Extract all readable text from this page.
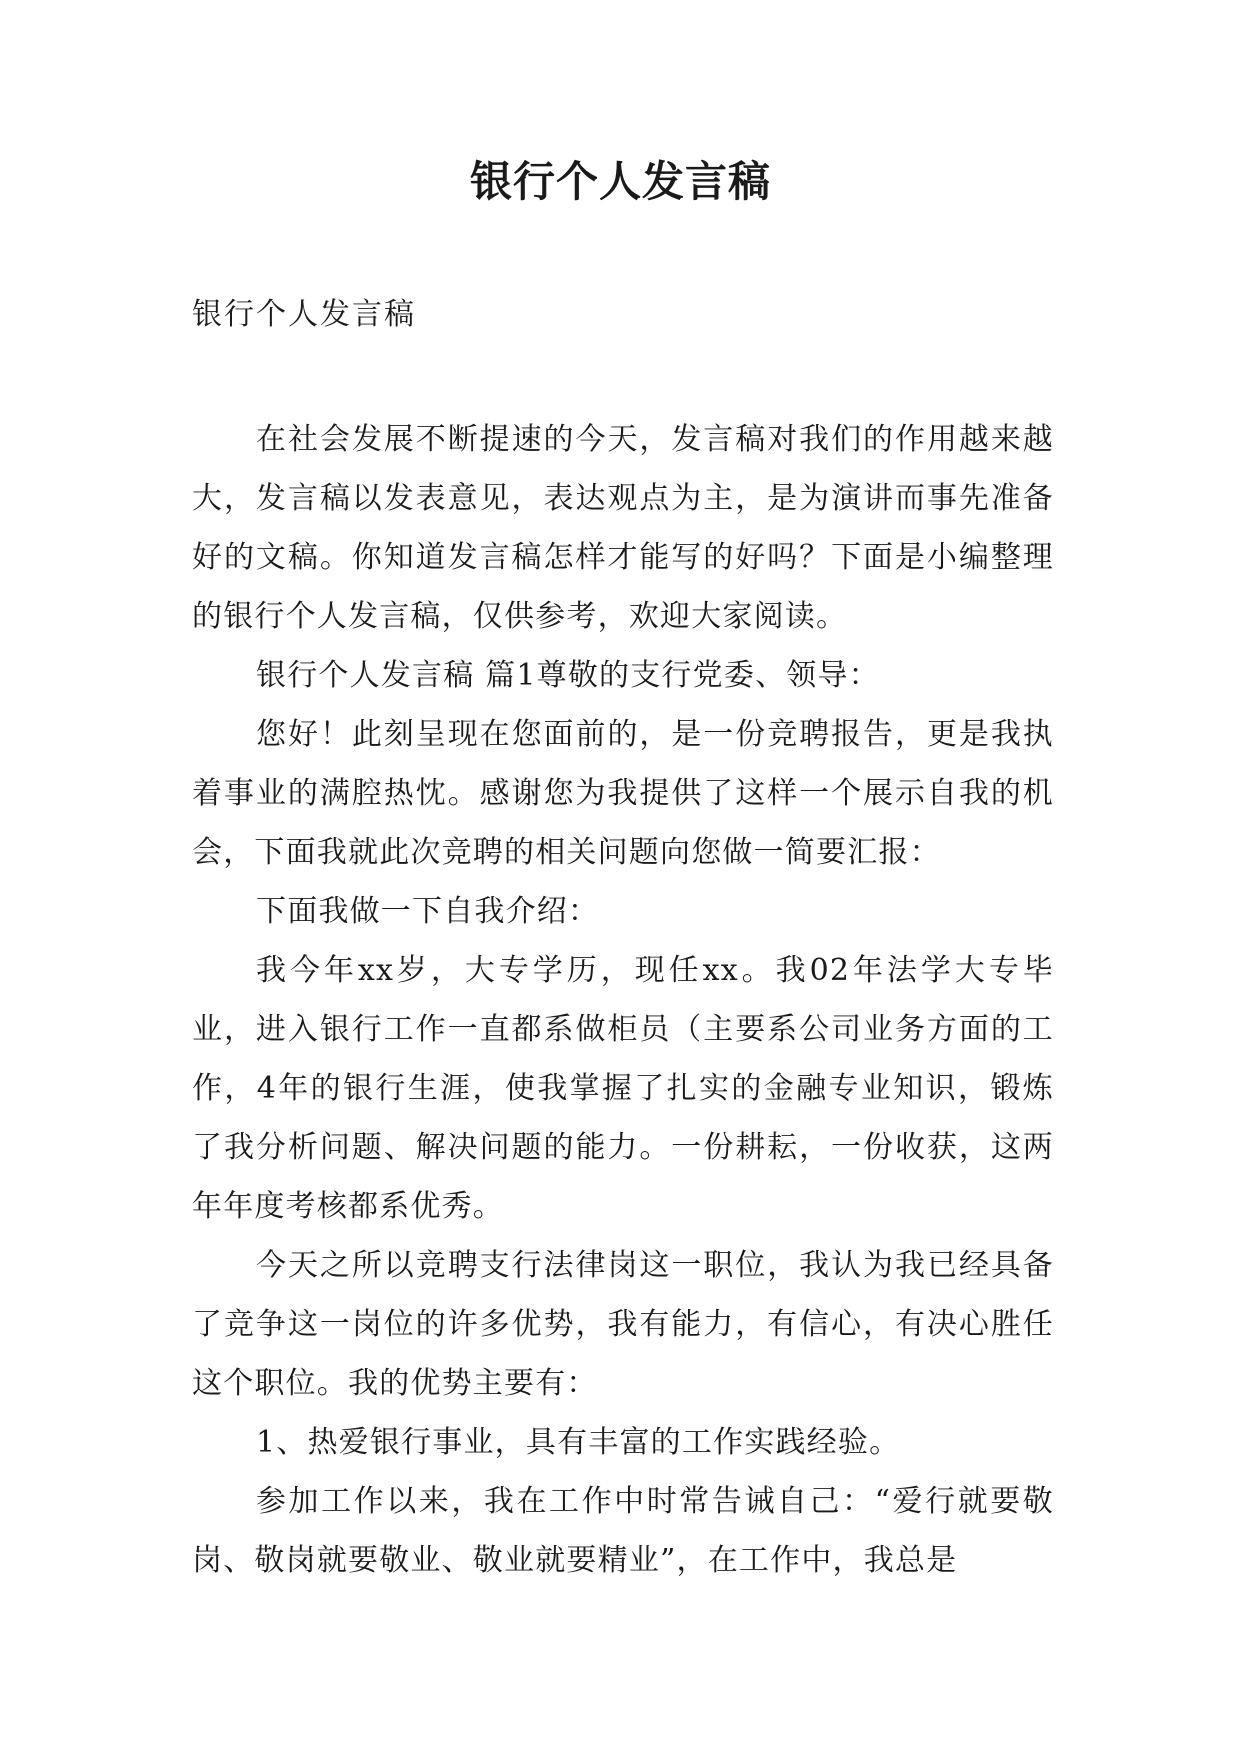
银行个人发言稿

银行个人发言稿

在社会发展不断提速的今天，发言稿对我们的作用越来越大，发言稿以发表意见，表达观点为主，是为演讲而事先准备好的文稿。你知道发言稿怎样才能写的好吗？下面是小编整理的银行个人发言稿，仅供参考，欢迎大家阅读。

银行个人发言稿 篇1尊敬的支行党委、领导：

您好！此刻呈现在您面前的，是一份竞聘报告，更是我执着事业的满腔热忱。感谢您为我提供了这样一个展示自我的机会，下面我就此次竞聘的相关问题向您做一简要汇报：

下面我做一下自我介绍：

我今年xx岁，大专学历，现任xx。我02年法学大专毕业，进入银行工作一直都系做柜员（主要系公司业务方面的工作，4年的银行生涯，使我掌握了扎实的金融专业知识，锻炼了我分析问题、解决问题的能力。一份耕耘，一份收获，这两年年度考核都系优秀。

今天之所以竞聘支行法律岗这一职位，我认为我已经具备了竞争这一岗位的许多优势，我有能力，有信心，有决心胜任这个职位。我的优势主要有：

1、热爱银行事业，具有丰富的工作实践经验。

参加工作以来，我在工作中时常告诫自己：“爱行就要敬岗、敬岗就要敬业、敬业就要精业”，在工作中，我总是
